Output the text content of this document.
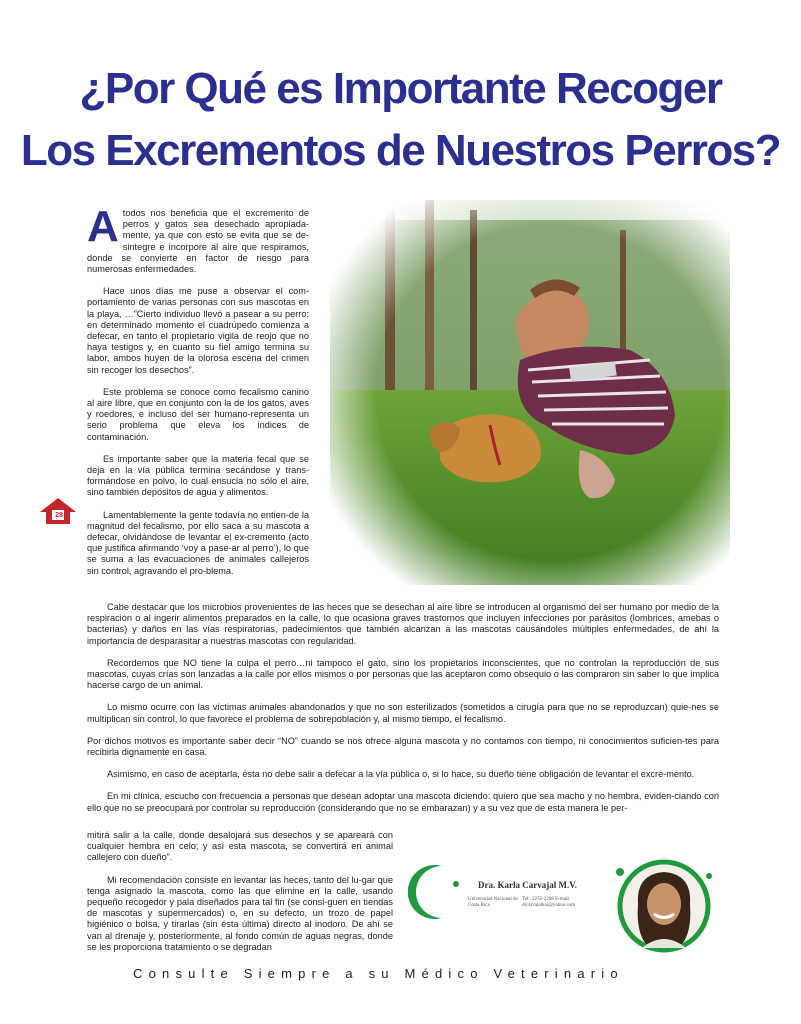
¿Por Qué es Importante Recoger
Los Excrementos de Nuestros Perros?

Atodos nos beneficia que el excremento de perros y gatos sea desechado apropiada-mente, ya que con esto se evita que se de-sintegre e incorpore al aire que respiramos, donde se convierte en factor de riesgo para numerosas enfermedades.

Hace unos días me puse a observar el com-portamiento de varias personas con sus mascotas en la playa, …”Cierto individuo llevó a pasear a su perro; en determinado momento el cuadrúpedo comienza a defecar, en tanto el propietario vigila de reojo que no haya testigos y, en cuanto su fiel amigo termina su labor, ambos huyen de la olorosa escena del crimen sin recoger los desechos”.

Este problema se conoce como fecalismo canino al aire libre, que en conjunto con la de los gatos, aves y roedores, e incluso del ser humano-representa un serio problema que eleva los índices de contaminación.

Es importante saber que la materia fecal que se deja en la vía pública termina secándose y trans-formándose en polvo, lo cual ensucia no sólo el aire, sino también depósitos de agua y alimentos.

Lamentablemente la gente todavía no entien-de la magnitud del fecalismo, por ello saca a su mascota a defecar, olvidándose de levantar el ex-cremento (acto que justifica afirmando ‘voy a pase-ar al perro’), lo que se suma a las evacuaciones de animales callejeros sin control, agravando el pro-blema.

Cabe destacar que los microbios provenientes de las heces que se desechan al aire libre se introducen al organismo del ser humano por medio de la respiración o al ingerir alimentos preparados en la calle, lo que ocasiona graves trastornos que incluyen infecciones por parásitos (lombrices, amebas o bacterias) y daños en las vías respiratorias, padecimientos que también alcanzan a las mascotas causándoles múltiples enfermedades, de ahí la importancia de desparasitar a nuestras mascotas con regularidad.

Recordemos que NO tiene la culpa el perro…ni tampoco el gato, sino los propietarios inconscientes, que no controlan la reproducción de sus mascotas, cuyas crías son lanzadas a la calle por ellos mismos o por personas que las aceptaron como obsequio o las compraron sin saber lo que implica hacerse cargo de un animal.

Lo mismo ocurre con las víctimas animales abandonados y que no son esterilizados (sometidos a cirugía para que no se reproduzcan) quie-nes se multiplican sin control, lo que favorece el problema de sobrepoblación y, al mismo tiempo, el fecalismo.

Por dichos motivos es importante saber decir “NO” cuando se nos ofrece alguna mascota y no contamos con tiempo, ni conocimientos suficien-tes para recibirla dignamente en casa.

Asimismo, en caso de aceptarla, ésta no debe salir a defecar a la vía pública o, si lo hace, su dueño tiene obligación de levantar el excre-mento.

En mi clínica, escucho con frecuencia a personas que desean adoptar una mascota diciendo: quiero que sea macho y no hembra, eviden-ciando con ello que no se preocupará por controlar su reproducción (considerando que no se embarazan) y a su vez que de esta manera le per-

mitirá salir a la calle, donde desalojará sus desechos y se apareará con cualquier hembra en celo; y así esta mascota, se convertirá en animal callejero con dueño”.

Mi recomendación consiste en levantar las heces, tanto del lu-gar que tenga asignado la mascota, como las que elimine en la calle, usando pequeño recogedor y pala diseñados para tal fin (se consi-guen en tiendas de mascotas y supermercados) o, en su defecto, un trozo de papel higiénico o bolsa, y tirarlas (sin ésta última) directo al inodoro. De ahí se van al drenaje y, posteriormente, al fondo común de aguas negras, donde se les proporciona tratamiento o se degradan

Dra. Karla Carvajal M.V.

Universidad Nacional de Costa Rica

Tel.: 2255-2298 E-mail: drcarvajalkar@yahoo.com

28

Consulte Siempre a su Médico Veterinario
